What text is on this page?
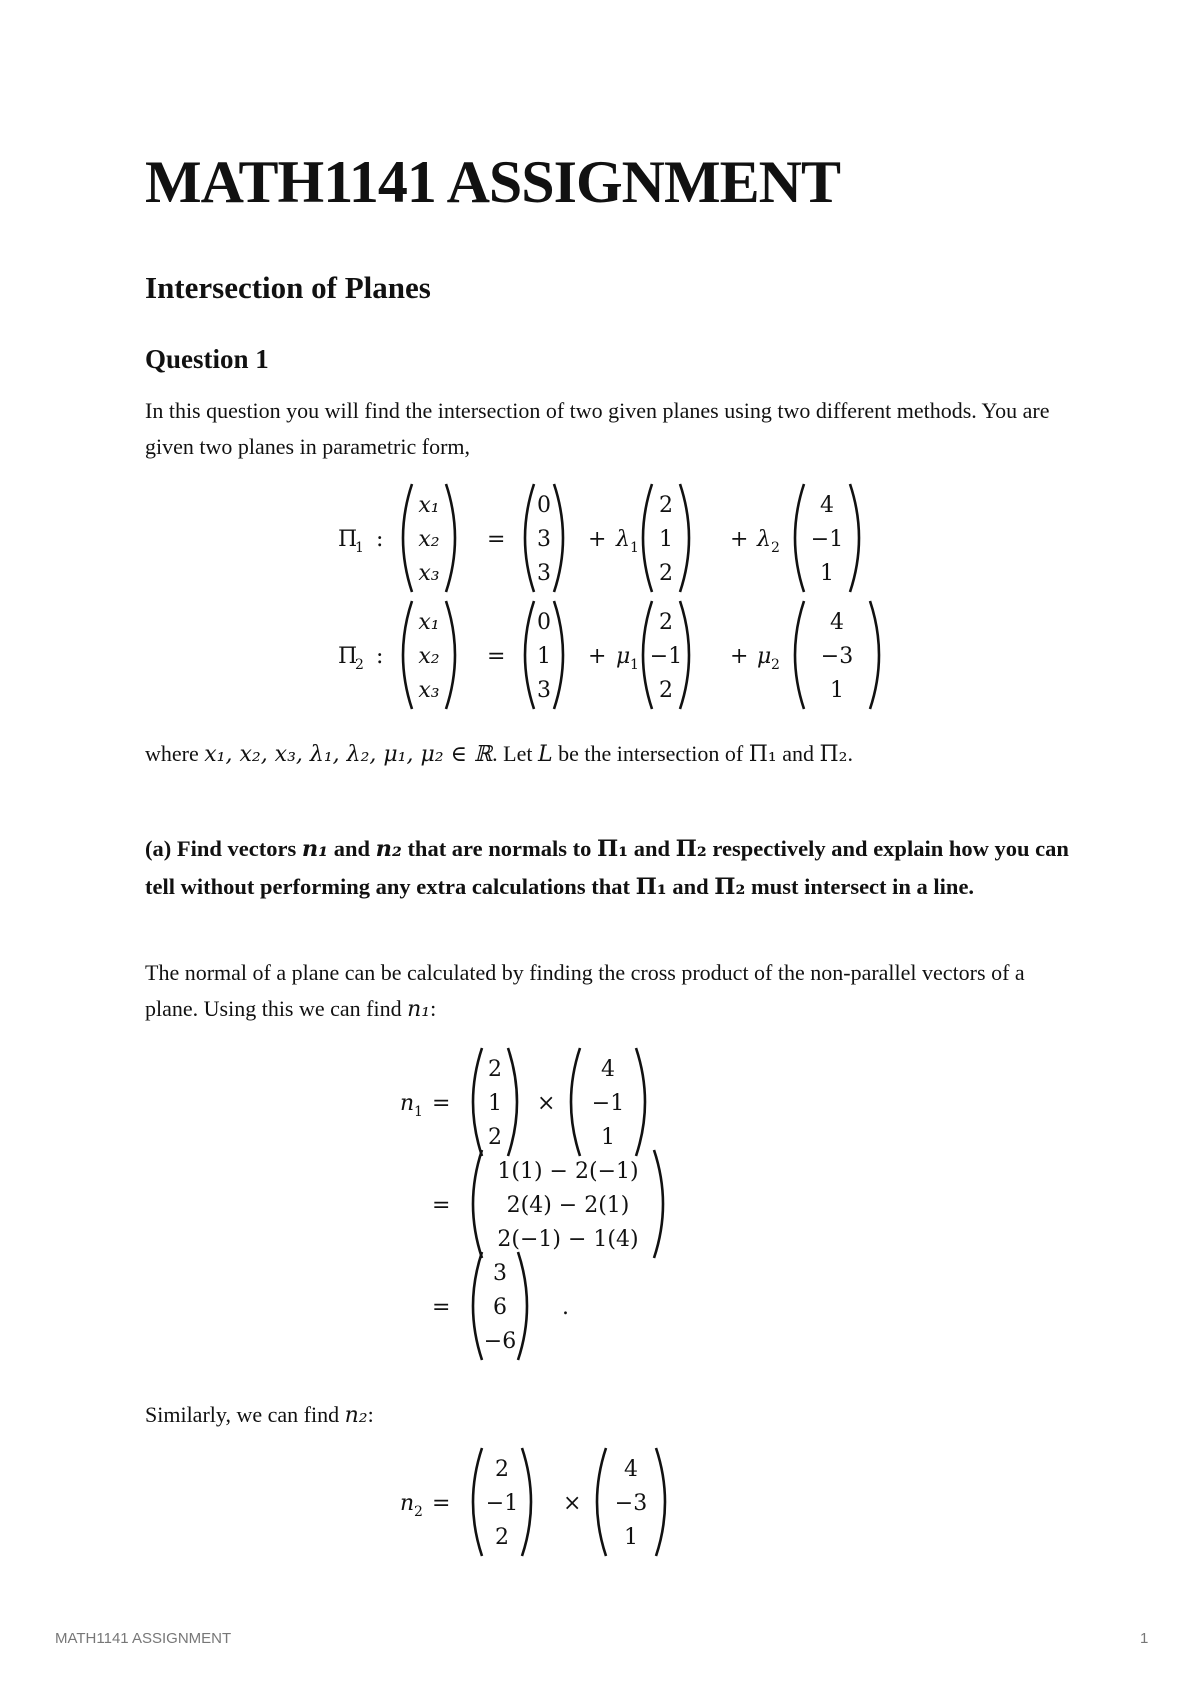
MATH1141 ASSIGNMENT
Intersection of Planes
Question 1
In this question you will find the intersection of two given planes using two different methods. You are given two planes in parametric form,
Π
1 :
x₁
x₂
x₃
=
0
3
3
+ λ 1
2
1
2
+ λ 2
4
−1
1
Π
2 :
x₁
x₂
x₃
=
0
1
3
+ μ 1
2
−1
2
+ μ 2
4
−3
1
n 1 =
2
1
2
×
4
−1
1
=
1(1) − 2(−1)
2(4) − 2(1)
2(−1) − 1(4)
=
3
6
−6
.
n 2 =
2
−1
2
×
4
−3
1
where x₁, x₂, x₃, λ₁, λ₂, μ₁, μ₂ ∈ ℝ. Let L be the intersection of Π₁ and Π₂.
(a) Find vectors n₁ and n₂ that are normals to Π₁ and Π₂ respectively and explain how you can tell without performing any extra calculations that Π₁ and Π₂ must intersect in a line.
The normal of a plane can be calculated by finding the cross product of the non-parallel vectors of a plane. Using this we can find n₁:
Similarly, we can find n₂:
MATH1141 ASSIGNMENT	1
